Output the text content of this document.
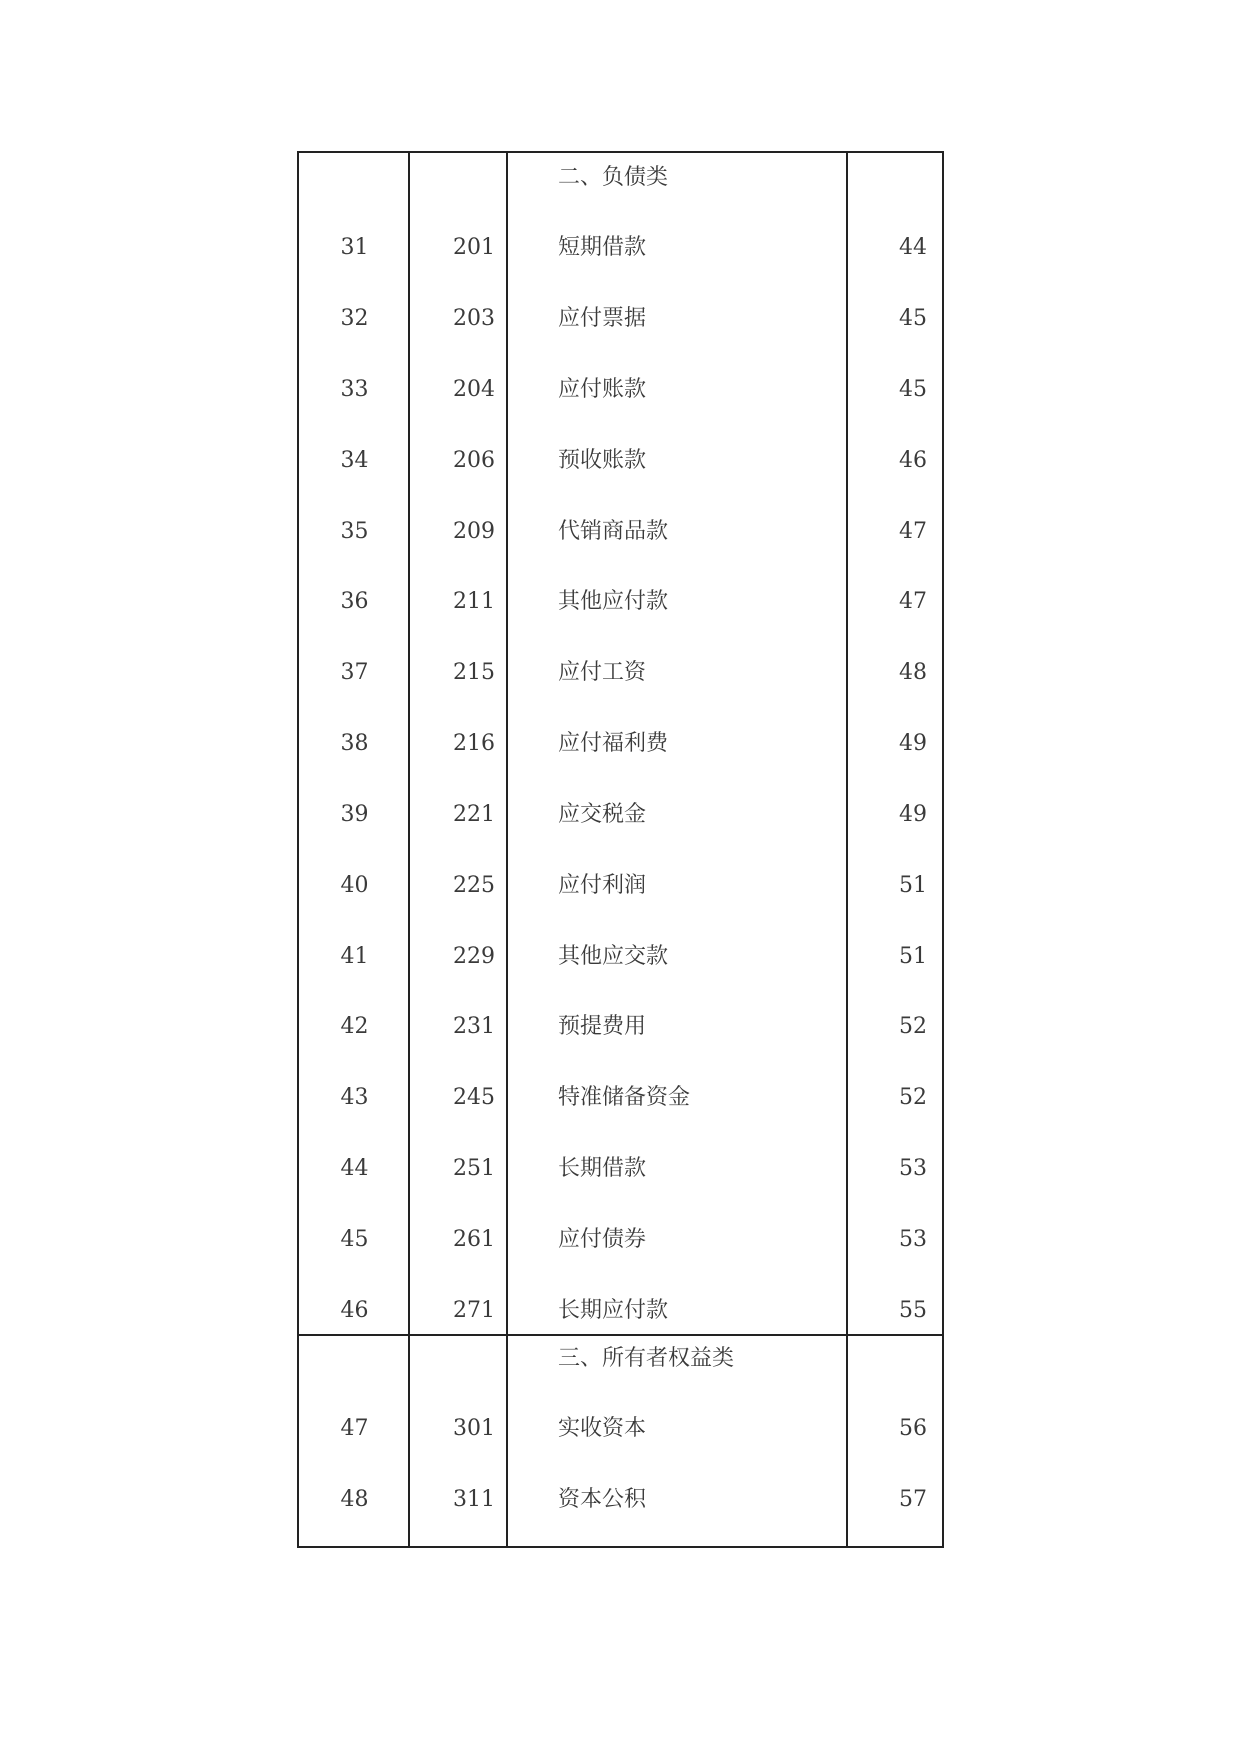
二、负债类
31	201	短期借款	44
32	203	应付票据	45
33	204	应付账款	45
34	206	预收账款	46
35	209	代销商品款	47
36	211	其他应付款	47
37	215	应付工资	48
38	216	应付福利费	49
39	221	应交税金	49
40	225	应付利润	51
41	229	其他应交款	51
42	231	预提费用	52
43	245	特准储备资金	52
44	251	长期借款	53
45	261	应付债券	53
46	271	长期应付款	55
三、所有者权益类
47	301	实收资本	56
48	311	资本公积	57
